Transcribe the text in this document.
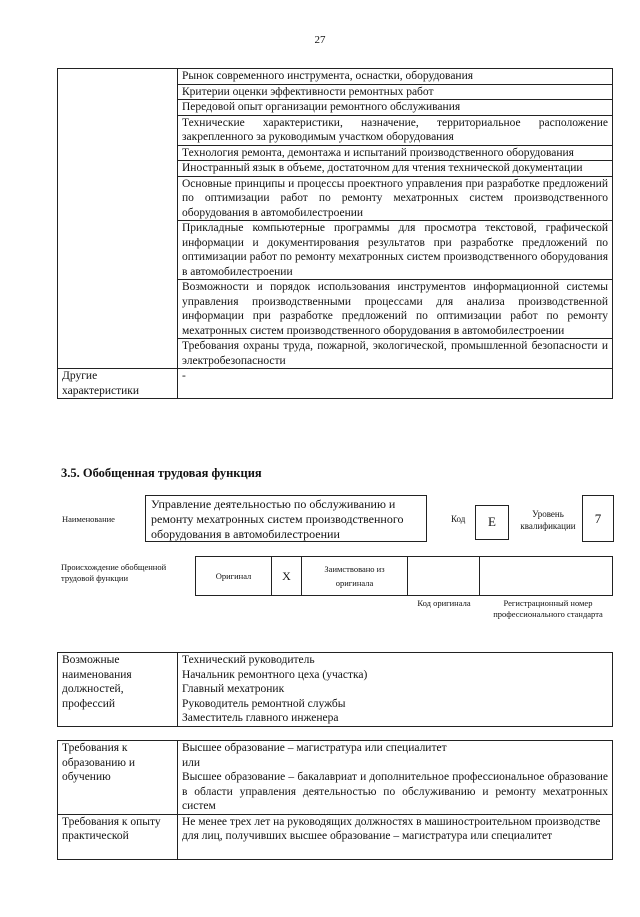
27
	Рынок современного инструмента, оснастки, оборудования
	Критерии оценки эффективности ремонтных работ
	Передовой опыт организации ремонтного обслуживания
	Технические характеристики, назначение, территориальное расположение закрепленного за руководимым участком оборудования
	Технология ремонта, демонтажа и испытаний производственного оборудования
	Иностранный язык в объеме, достаточном для чтения технической документации
	Основные принципы и процессы проектного управления при разработке предложений по оптимизации работ по ремонту мехатронных систем производственного оборудования в автомобилестроении
	Прикладные компьютерные программы для просмотра текстовой, графической информации и документирования результатов при разработке предложений по оптимизации работ по ремонту мехатронных систем производственного оборудования в автомобилестроении
	Возможности и порядок использования инструментов информационной системы управления производственными процессами для анализа производственной информации при разработке предложений по оптимизации работ по ремонту мехатронных систем производственного оборудования в автомобилестроении
	Требования охраны труда, пожарной, экологической, промышленной безопасности и электробезопасности
Другие характеристики	-
3.5. Обобщенная трудовая функция
Наименование
Управление деятельностью по обслуживанию и ремонту мехатронных систем производственного оборудования в автомобилестроении
Код	E	Уровень квалификации	7
Происхождение обобщенной трудовой функции	Оригинал	X	Заимствовано из оригинала		
Код оригинала	Регистрационный номер профессионального стандарта
Возможные наименования должностей, профессий	
Технический руководитель
Начальник ремонтного цеха (участка)
Главный мехатроник
Руководитель ремонтной службы
Заместитель главного инженера
Требования к образованию и обучению	Высшее образование – магистратура или специалитет
или
Высшее образование – бакалавриат и дополнительное профессиональное образование в области управления деятельностью по обслуживанию и ремонту мехатронных систем

Требования к опыту практической	Не менее трех лет на руководящих должностях в машиностроительном производстве для лиц, получивших высшее образование – магистратура или специалитет
